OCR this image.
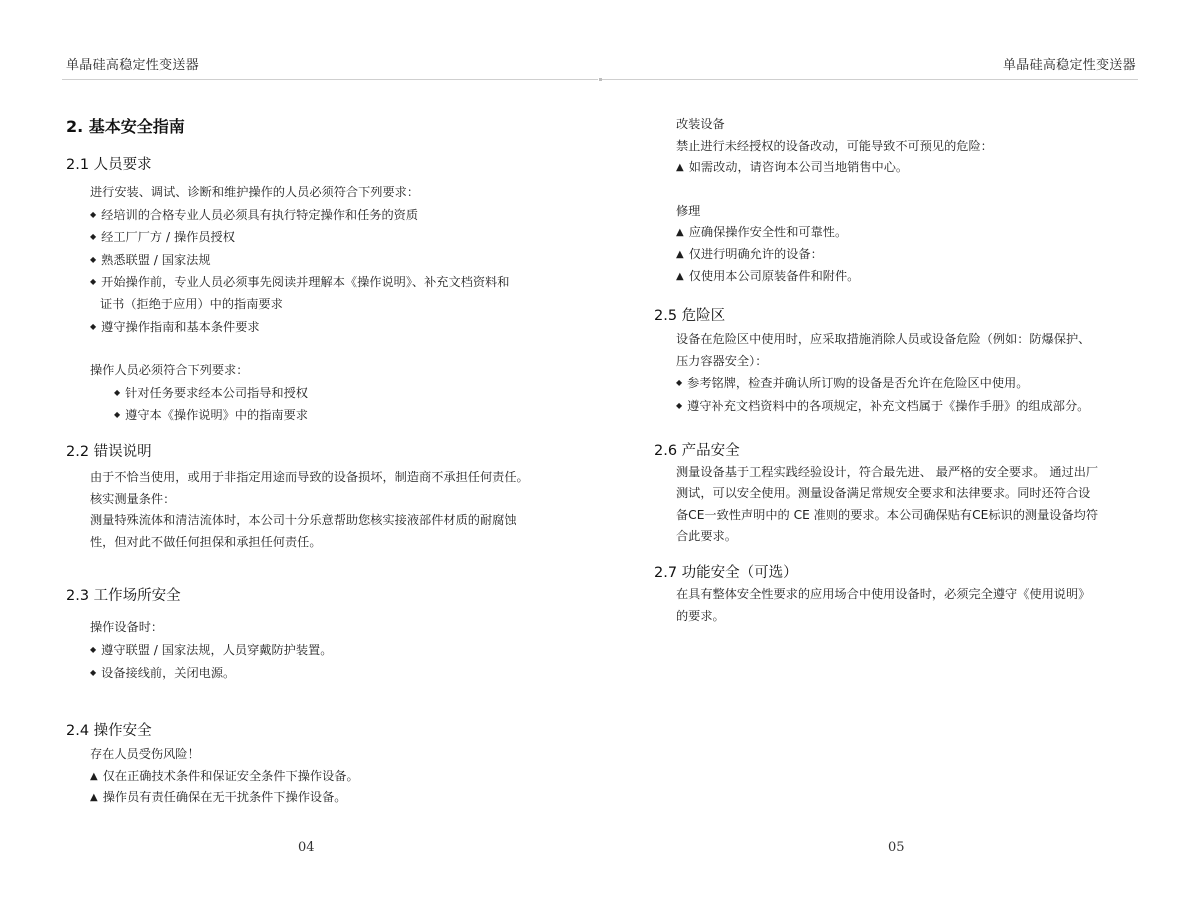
单晶硅高稳定性变送器
2. 基本安全指南
2.1 人员要求
进行安装、调试、诊断和维护操作的人员必须符合下列要求：
◆ 经培训的合格专业人员必须具有执行特定操作和任务的资质
◆ 经工厂厂方 / 操作员授权
◆ 熟悉联盟 / 国家法规
◆ 开始操作前，专业人员必须事先阅读并理解本《操作说明》、补充文档资料和
证书（拒绝于应用）中的指南要求
◆ 遵守操作指南和基本条件要求
操作人员必须符合下列要求：
◆ 针对任务要求经本公司指导和授权
◆ 遵守本《操作说明》中的指南要求
2.2 错误说明
由于不恰当使用，或用于非指定用途而导致的设备损坏，制造商不承担任何责任。
核实测量条件：
测量特殊流体和清洁流体时，本公司十分乐意帮助您核实接液部件材质的耐腐蚀
性，但对此不做任何担保和承担任何责任。
2.3 工作场所安全
操作设备时：
◆ 遵守联盟 / 国家法规，人员穿戴防护装置。
◆ 设备接线前，关闭电源。
2.4 操作安全
存在人员受伤风险！
▲ 仅在正确技术条件和保证安全条件下操作设备。
▲ 操作员有责任确保在无干扰条件下操作设备。
04
单晶硅高稳定性变送器
改装设备
禁止进行未经授权的设备改动，可能导致不可预见的危险：
▲ 如需改动，请咨询本公司当地销售中心。
修理
▲ 应确保操作安全性和可靠性。
▲ 仅进行明确允许的设备：
▲ 仅使用本公司原装备件和附件。
2.5 危险区
设备在危险区中使用时，应采取措施消除人员或设备危险（例如：防爆保护、
压力容器安全）：
◆ 参考铭牌，检查并确认所订购的设备是否允许在危险区中使用。
◆ 遵守补充文档资料中的各项规定，补充文档属于《操作手册》的组成部分。
2.6 产品安全
测量设备基于工程实践经验设计，符合最先进、 最严格的安全要求。 通过出厂
测试，可以安全使用。测量设备满足常规安全要求和法律要求。同时还符合设
备CE一致性声明中的 CE 准则的要求。本公司确保贴有CE标识的测量设备均符
合此要求。
2.7 功能安全（可选）
在具有整体安全性要求的应用场合中使用设备时，必须完全遵守《使用说明》
的要求。
05
